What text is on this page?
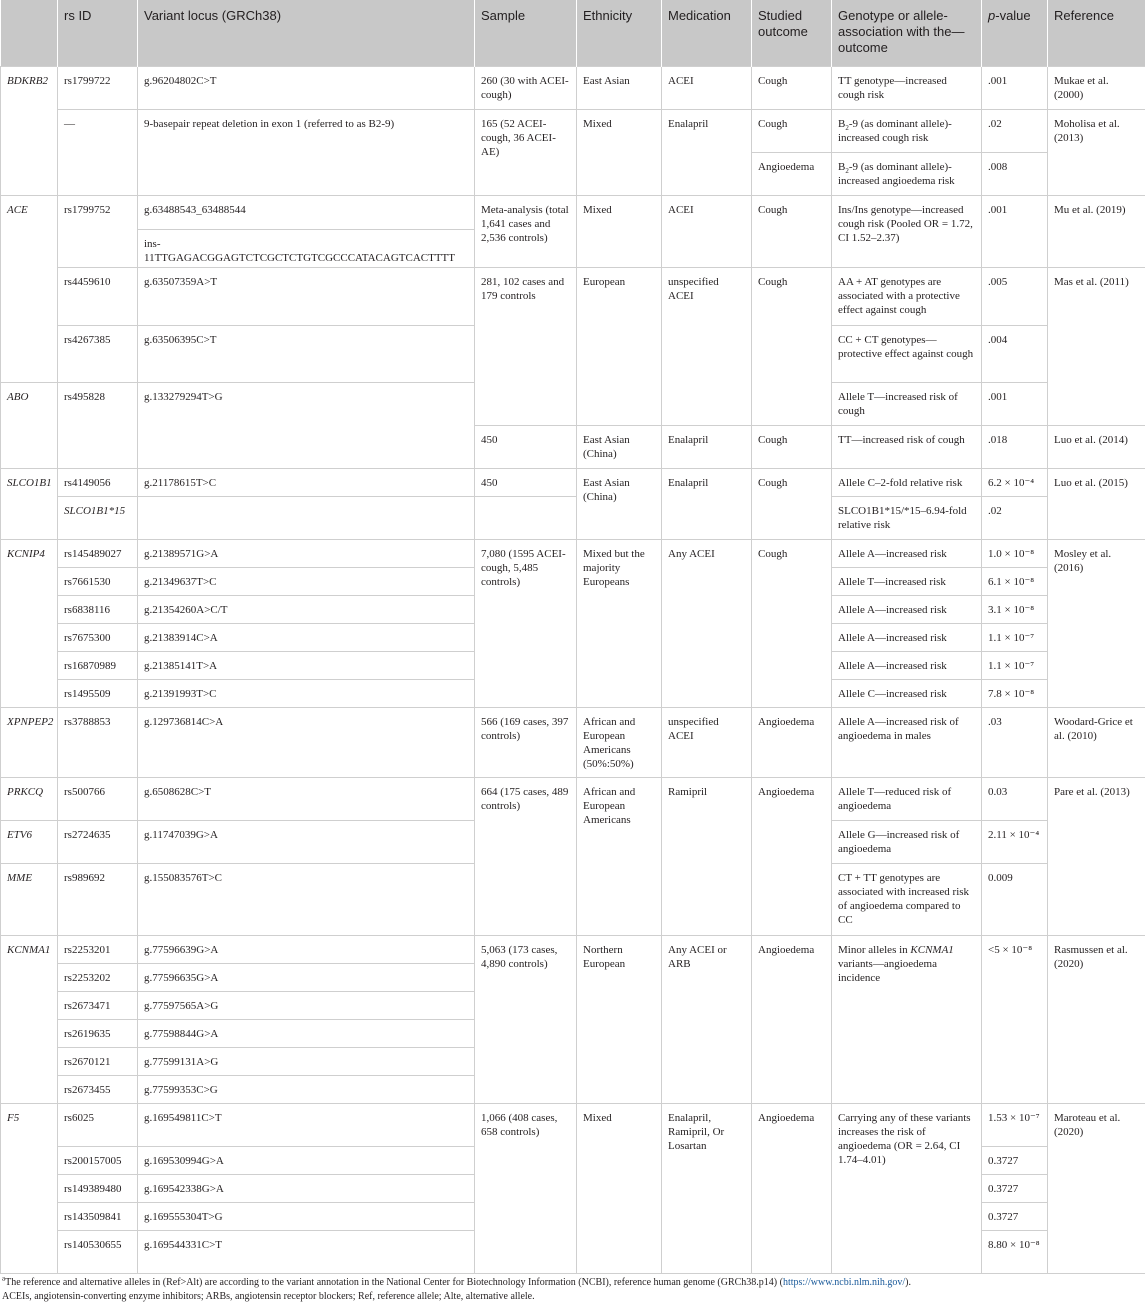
	rs ID	Variant locus (GRCh38)	Sample	Ethnicity	Medication	Studied outcome	Genotype or allele-association with the—outcome	p-value	Reference
BDKRB2	rs1799722	g.96204802C>T	260 (30 with ACEI-cough)	East Asian	ACEI	Cough	TT genotype—increased cough risk	.001	Mukae et al. (2000)
	—	9-basepair repeat deletion in exon 1 (referred to as B2-9)	165 (52 ACEI-cough, 36 ACEI-AE)	Mixed	Enalapril	Cough	$B_2-9$ (as dominant allele)-increased cough risk	.02	Moholisa et al. (2013)
						Angioedema	$B_2-9$ (as dominant allele)-increased angioedema risk	.008	
ACE	rs1799752	g.63488543_63488544	Meta-analysis (total 1,641 cases and 2,536 controls)	Mixed	ACEI	Cough	Ins/Ins genotype—increased cough risk (Pooled OR = 1.72, CI 1.52–2.37)	.001	Mu et al. (2019)
		ins-11TTGAGACGGAGTCTCGCTCTGTCGCCCATACAGTCACTTTT							
	rs4459610	g.63507359A>T	281, 102 cases and 179 controls	European	unspecified ACEI	Cough	AA + AT genotypes are associated with a protective effect against cough	.005	Mas et al. (2011)
	rs4267385	g.63506395C>T					CC + CT genotypes—protective effect against cough	.004	
ABO	rs495828	g.133279294T>G					Allele T—increased risk of cough	.001	
			450	East Asian (China)	Enalapril	Cough	TT—increased risk of cough	.018	Luo et al. (2014)
SLCO1B1	rs4149056	g.21178615T>C	450	East Asian (China)	Enalapril	Cough	Allele C–2-fold relative risk	6.2 × 10⁻⁴	Luo et al. (2015)
	SLCO1B1*15						SLCO1B1*15/*15–6.94-fold relative risk	.02	
KCNIP4	rs145489027	g.21389571G>A	7,080 (1595 ACEI-cough, 5,485 controls)	Mixed but the majority Europeans	Any ACEI	Cough	Allele A—increased risk	1.0 × 10⁻⁸	Mosley et al. (2016)
	rs7661530	g.21349637T>C					Allele T—increased risk	6.1 × 10⁻⁸	
	rs6838116	g.21354260A>C/T					Allele A—increased risk	3.1 × 10⁻⁸	
	rs7675300	g.21383914C>A					Allele A—increased risk	1.1 × 10⁻⁷	
	rs16870989	g.21385141T>A					Allele A—increased risk	1.1 × 10⁻⁷	
	rs1495509	g.21391993T>C					Allele C—increased risk	7.8 × 10⁻⁸	
XPNPEP2	rs3788853	g.129736814C>A	566 (169 cases, 397 controls)	African and European Americans (50%:50%)	unspecified ACEI	Angioedema	Allele A—increased risk of angioedema in males	.03	Woodard-Grice et al. (2010)
PRKCQ	rs500766	g.6508628C>T	664 (175 cases, 489 controls)	African and European Americans	Ramipril	Angioedema	Allele T—reduced risk of angioedema	0.03	Pare et al. (2013)
ETV6	rs2724635	g.11747039G>A					Allele G—increased risk of angioedema	2.11 × 10⁻⁴	
MME	rs989692	g.155083576T>C					CT + TT genotypes are associated with increased risk of angioedema compared to CC	0.009	
KCNMA1	rs2253201	g.77596639G>A	5,063 (173 cases, 4,890 controls)	Northern European	Any ACEI or ARB	Angioedema	Minor alleles in KCNMA1 variants—angioedema incidence	<5 × 10⁻⁸	Rasmussen et al. (2020)
	rs2253202	g.77596635G>A							
	rs2673471	g.77597565A>G							
	rs2619635	g.77598844G>A							
	rs2670121	g.77599131A>G							
	rs2673455	g.77599353C>G							
F5	rs6025	g.169549811C>T	1,066 (408 cases, 658 controls)	Mixed	Enalapril, Ramipril, Or Losartan	Angioedema	Carrying any of these variants increases the risk of angioedema (OR = 2.64, CI 1.74–4.01)	1.53 × 10⁻⁷	Maroteau et al. (2020)
	rs200157005	g.169530994G>A						0.3727	
	rs149389480	g.169542338G>A						0.3727	
	rs143509841	g.169555304T>G						0.3727	
	rs140530655	g.169544331C>T						8.80 × 10⁻⁸	
$^a$The reference and alternative alleles in (Ref>Alt) are according to the variant annotation in the National Center for Biotechnology Information (NCBI), reference human genome (GRCh38.p14) (https://www.ncbi.nlm.nih.gov/).
ACEIs, angiotensin-converting enzyme inhibitors; ARBs, angiotensin receptor blockers; Ref, reference allele; Alte, alternative allele.
